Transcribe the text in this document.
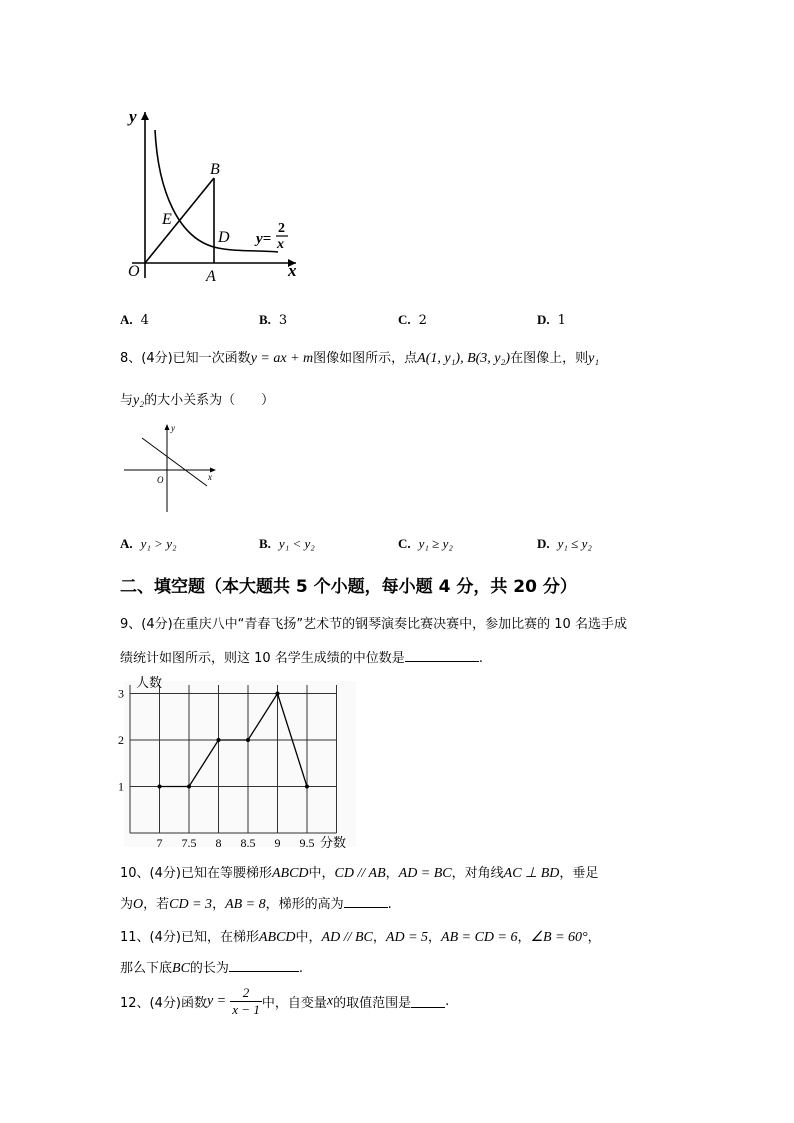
y
x
O	A
B
D
E
y=
2
x
A. 4	B. 3	C. 2	D. 1
8、(4分)已知一次函数y = ax + m图像如图所示，点A(1, y₁), B(3, y₂)在图像上，则y₁
与y₂的大小关系为（　　）
y
x
O
A. y₁ > y₂	B. y₁ < y₂	C. y₁ ≥ y₂	D. y₁ ≤ y₂
二、填空题（本大题共 5 个小题，每小题 4 分，共 20 分）
9、(4分)在重庆八中“青春飞扬”艺术节的钢琴演奏比赛决赛中，参加比赛的 10 名选手成
绩统计如图所示，则这 10 名学生成绩的中位数是	.
1
2
3
7 7.5 8 8.5 9 9.5
人数
分数
10、(4分)已知在等腰梯形ABCD中，CD // AB，AD = BC，对角线AC ⊥ BD，垂足
为O，若CD = 3，AB = 8，梯形的高为	.
11、(4分)已知，在梯形ABCD中，AD // BC，AD = 5，AB = CD = 6，∠B = 60°，
那么下底BC的长为	.
12、(4分)函数$y = \frac{2}{x - 1}$ 中，自变量x的取值范围是	.
